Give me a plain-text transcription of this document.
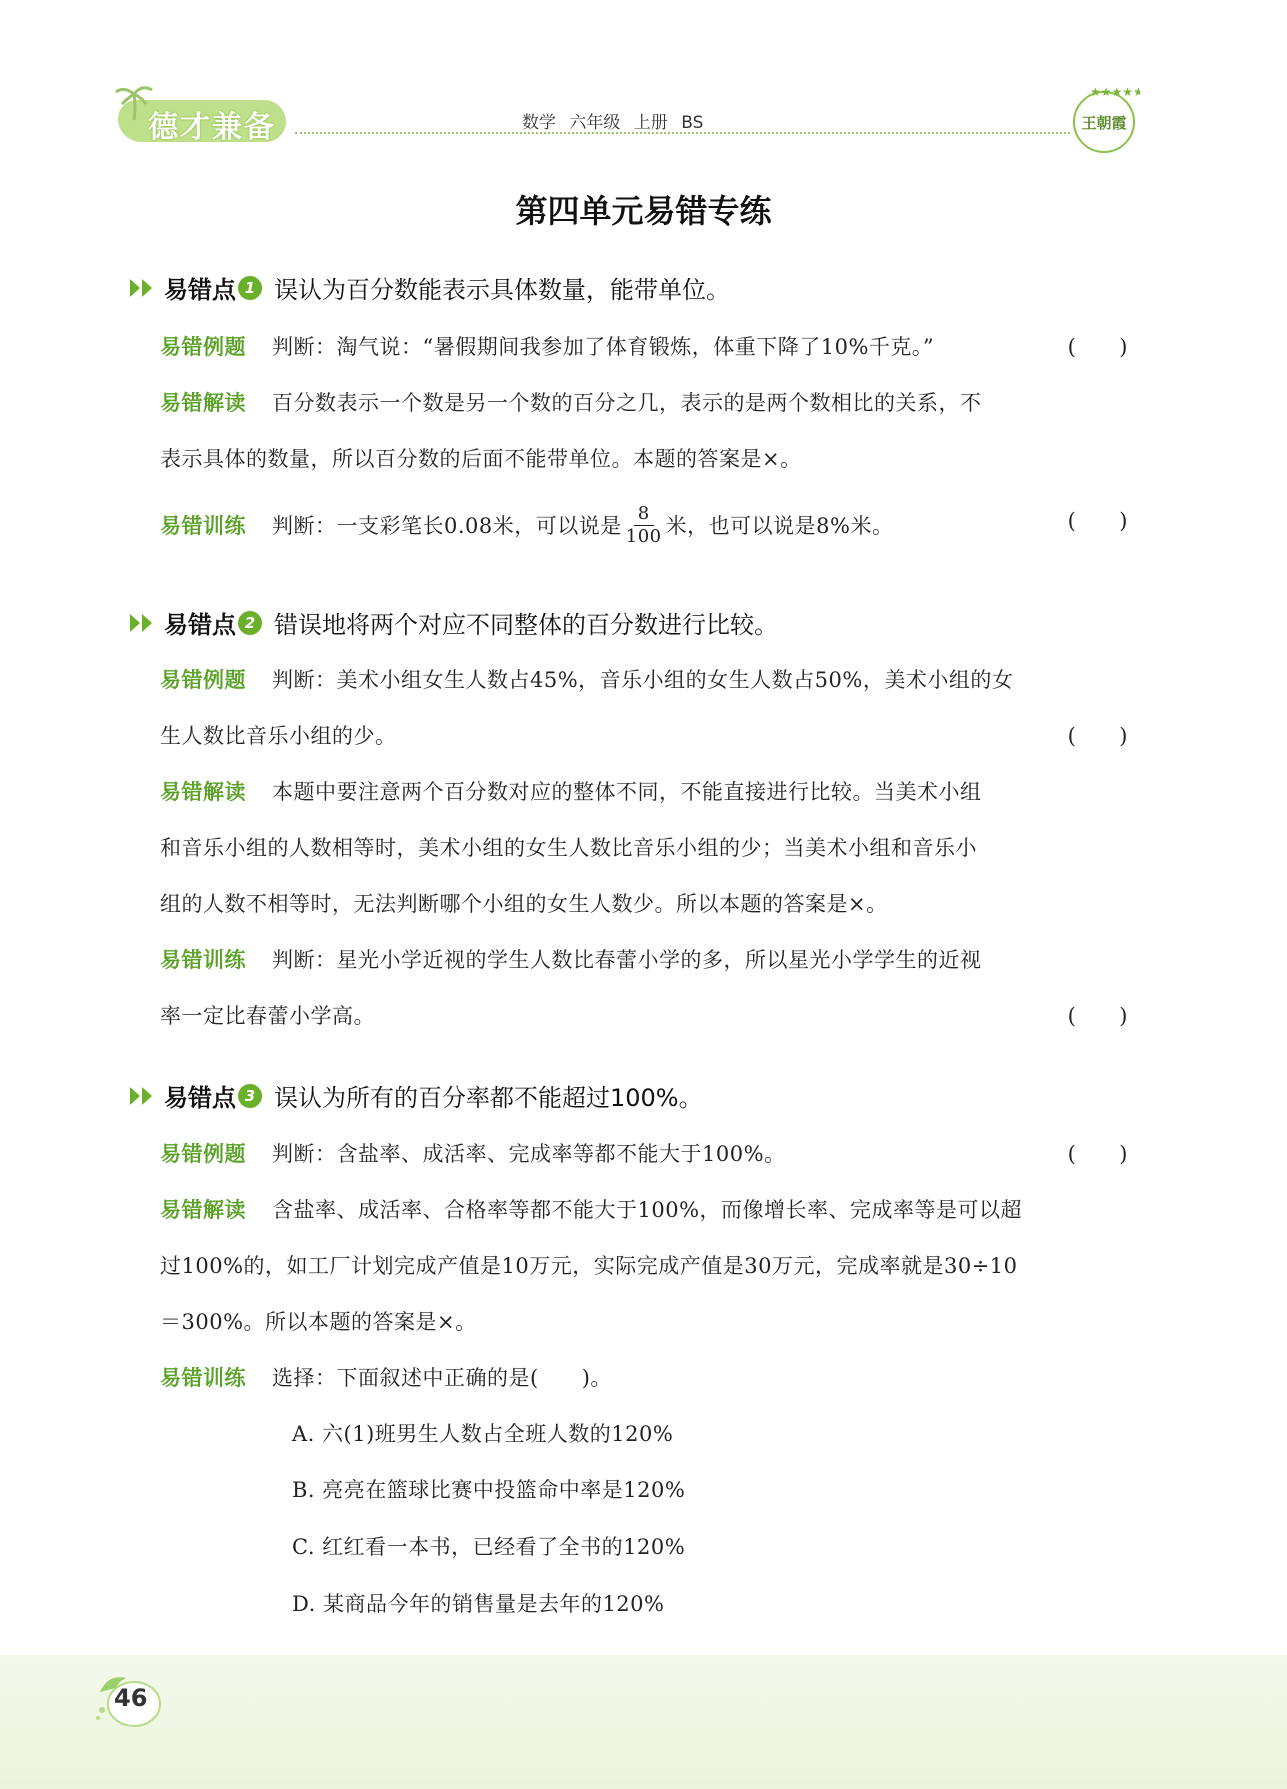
德才兼备	数学 六年级 上册 BS
★★★★★
王朝霞
第四单元易错专练
易错点 1 误认为百分数能表示具体数量，能带单位。
易错例题 判断：淘气说：“暑假期间我参加了体育锻炼，体重下降了10%千克。”	(　　)
易错解读 百分数表示一个数是另一个数的百分之几，表示的是两个数相比的关系，不
表示具体的数量，所以百分数的后面不能带单位。本题的答案是×。
易错训练 判断：一支彩笔长0.08米，可以说是 $\frac{8}{100}$ 米，也可以说是8%米。	(　　)
易错点 2 错误地将两个对应不同整体的百分数进行比较。
易错例题 判断：美术小组女生人数占45%，音乐小组的女生人数占50%，美术小组的女
生人数比音乐小组的少。	(　　)
易错解读 本题中要注意两个百分数对应的整体不同，不能直接进行比较。当美术小组
和音乐小组的人数相等时，美术小组的女生人数比音乐小组的少；当美术小组和音乐小
组的人数不相等时，无法判断哪个小组的女生人数少。所以本题的答案是×。
易错训练 判断：星光小学近视的学生人数比春蕾小学的多，所以星光小学学生的近视
率一定比春蕾小学高。	(　　)
易错点 3 误认为所有的百分率都不能超过100%。
易错例题 判断：含盐率、成活率、完成率等都不能大于100%。	(　　)
易错解读 含盐率、成活率、合格率等都不能大于100%，而像增长率、完成率等是可以超
过100%的，如工厂计划完成产值是10万元，实际完成产值是30万元，完成率就是30÷10
＝300%。所以本题的答案是×。
易错训练 选择：下面叙述中正确的是(　　)。
A. 六(1)班男生人数占全班人数的120%
B. 亮亮在篮球比赛中投篮命中率是120%
C. 红红看一本书，已经看了全书的120%
D. 某商品今年的销售量是去年的120%
46
